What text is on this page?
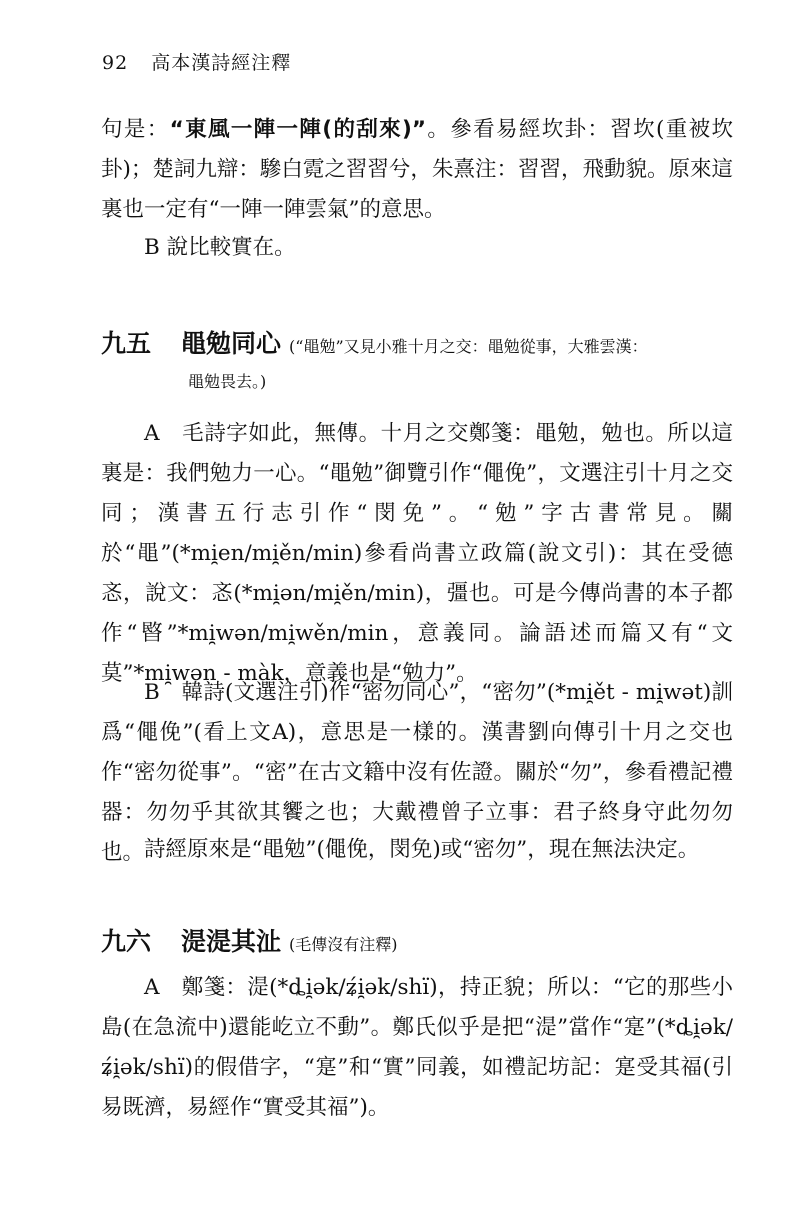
92 高本漢詩經注釋
句是：“東風一陣一陣(的刮來)”。參看易經坎卦：習坎(重被坎卦)；楚詞九辯：驂白霓之習習兮，朱熹注：習習，飛動貌。原來這裏也一定有“一陣一陣雲氣”的意思。
B 說比較實在。
九五 黽勉同心 (“黽勉”又見小雅十月之交：黽勉從事，大雅雲漢：
黽勉畏去。)
A　毛詩字如此，無傳。十月之交鄭箋：黽勉，勉也。所以這裏是：我們勉力一心。“黽勉”御覽引作“僶俛”，文選注引十月之交同；漢書五行志引作“閔免”。“勉”字古書常見。關於“黽”(*mi̯en/mi̯ěn/min)參看尚書立政篇(說文引)：其在受德忞，說文：忞(*mi̯ən/mi̯ěn/min)，彊也。可是今傳尚書的本子都作“暋”*mi̯wən/mi̯wěn/min，意義同。論語述而篇又有“文莫”*mi̯wən - màk，意義也是“勉力”。
B　韓詩(文選注引)作“密勿同心”，“密勿”(*mi̯ět - mi̯wət)訓爲“僶俛”(看上文A)，意思是一樣的。漢書劉向傳引十月之交也作“密勿從事”。“密”在古文籍中沒有佐證。關於“勿”，參看禮記禮器：勿勿乎其欲其饗之也；大戴禮曾子立事：君子終身守此勿勿也。 詩經原來是“黽勉”(僶俛，閔免)或“密勿”，現在無法決定。
九六 湜湜其沚 (毛傳沒有注釋)
A　鄭箋：湜(*ȡi̯ək/ʑ́i̯ək/shï)，持正貌；所以：“它的那些小島(在急流中)還能屹立不動”。鄭氏似乎是把“湜”當作“寔”(*ȡi̯ək/ʑ́i̯ək/shï)的假借字，“寔”和“實”同義，如禮記坊記：寔受其福(引易既濟，易經作“實受其福”)。
